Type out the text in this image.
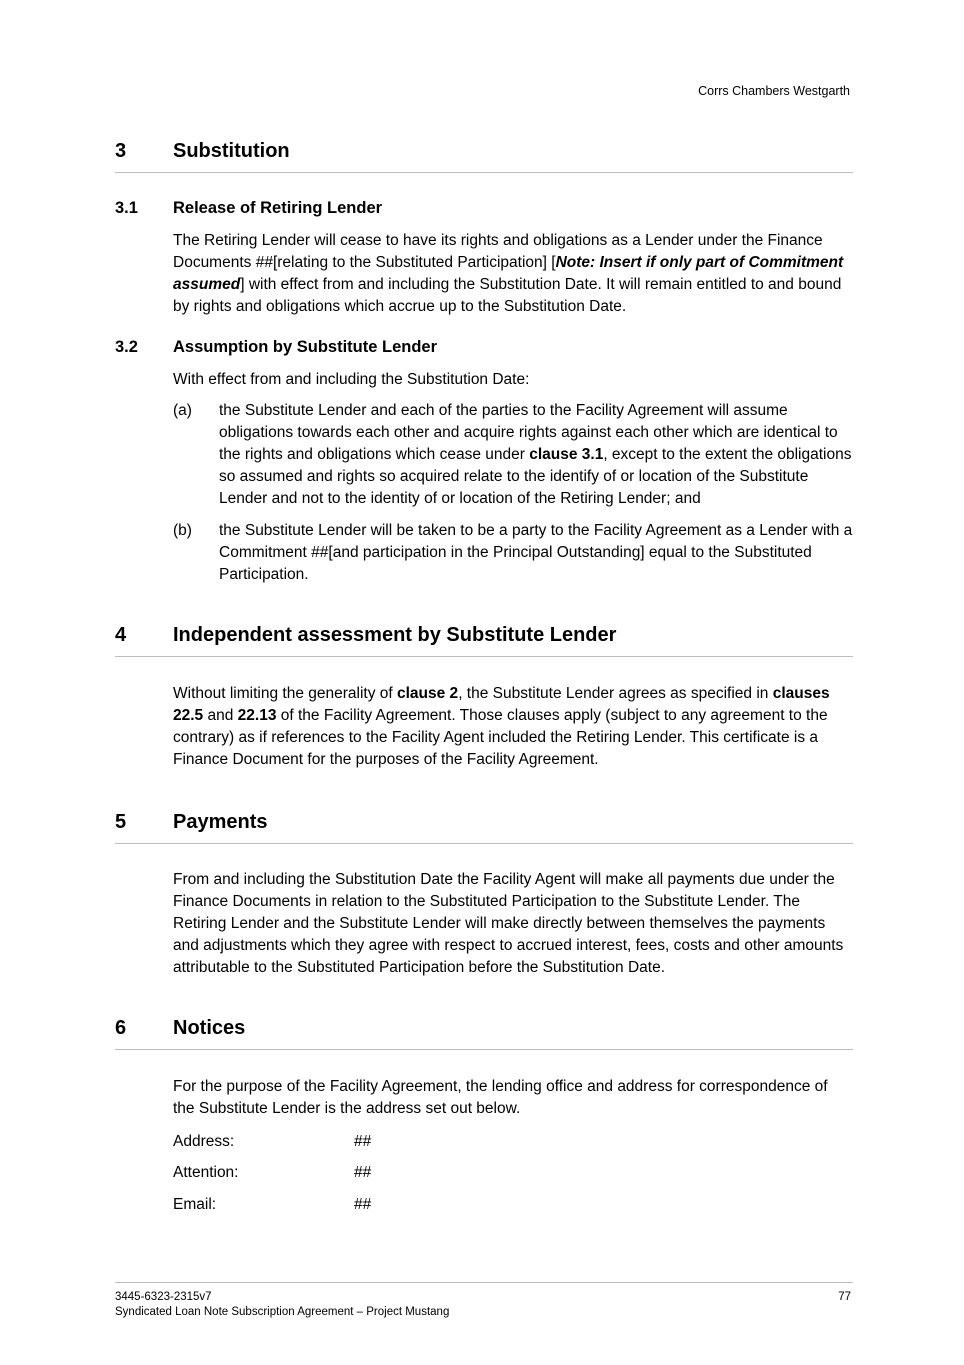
Corrs Chambers Westgarth
3 Substitution
3.1 Release of Retiring Lender
The Retiring Lender will cease to have its rights and obligations as a Lender under the Finance Documents ##[relating to the Substituted Participation] [Note: Insert if only part of Commitment assumed] with effect from and including the Substitution Date. It will remain entitled to and bound by rights and obligations which accrue up to the Substitution Date.
3.2 Assumption by Substitute Lender
With effect from and including the Substitution Date:
(a) the Substitute Lender and each of the parties to the Facility Agreement will assume obligations towards each other and acquire rights against each other which are identical to the rights and obligations which cease under clause 3.1, except to the extent the obligations so assumed and rights so acquired relate to the identify of or location of the Substitute Lender and not to the identity of or location of the Retiring Lender; and
(b) the Substitute Lender will be taken to be a party to the Facility Agreement as a Lender with a Commitment ##[and participation in the Principal Outstanding] equal to the Substituted Participation.
4 Independent assessment by Substitute Lender
Without limiting the generality of clause 2, the Substitute Lender agrees as specified in clauses 22.5 and 22.13 of the Facility Agreement. Those clauses apply (subject to any agreement to the contrary) as if references to the Facility Agent included the Retiring Lender. This certificate is a Finance Document for the purposes of the Facility Agreement.
5 Payments
From and including the Substitution Date the Facility Agent will make all payments due under the Finance Documents in relation to the Substituted Participation to the Substitute Lender. The Retiring Lender and the Substitute Lender will make directly between themselves the payments and adjustments which they agree with respect to accrued interest, fees, costs and other amounts attributable to the Substituted Participation before the Substitution Date.
6 Notices
For the purpose of the Facility Agreement, the lending office and address for correspondence of the Substitute Lender is the address set out below.
Address:	##
Attention:	##
Email:	##
3445-6323-2315v7	77
Syndicated Loan Note Subscription Agreement – Project Mustang
